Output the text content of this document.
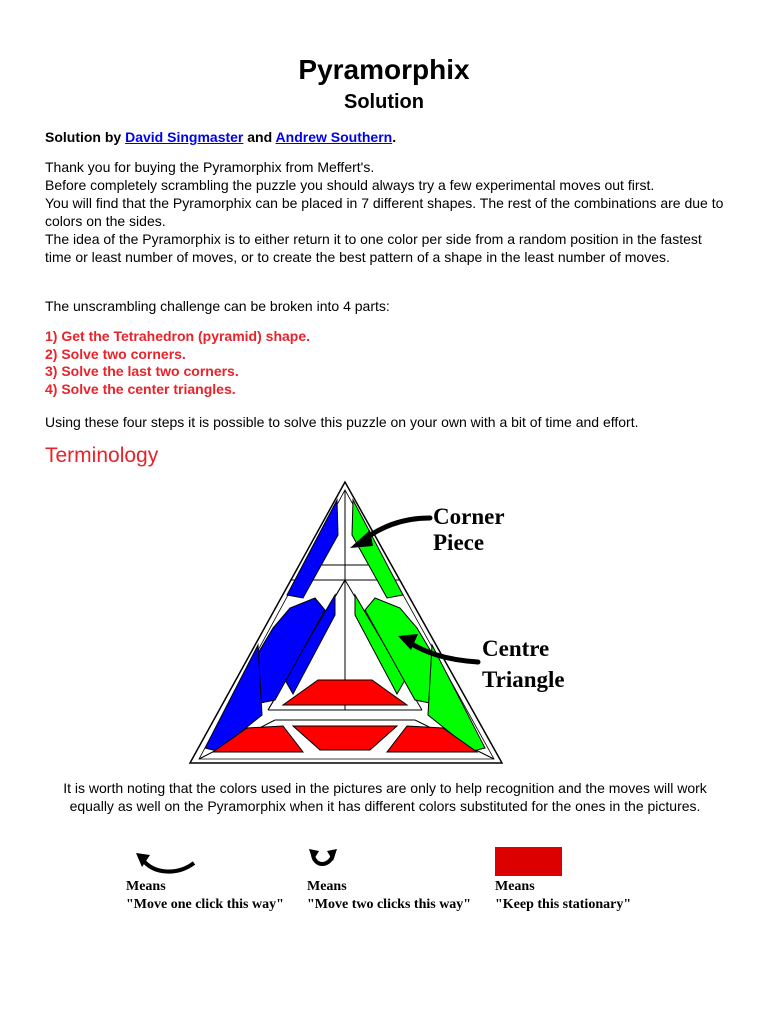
Pyramorphix
Solution
Solution by David Singmaster and Andrew Southern.
Thank you for buying the Pyramorphix from Meffert's.
Before completely scrambling the puzzle you should always try a few experimental moves out first.
You will find that the Pyramorphix can be placed in 7 different shapes. The rest of the combinations are due to colors on the sides.
The idea of the Pyramorphix is to either return it to one color per side from a random position in the fastest time or least number of moves, or to create the best pattern of a shape in the least number of moves.
The unscrambling challenge can be broken into 4 parts:
1) Get the Tetrahedron (pyramid) shape.
2) Solve two corners.
3) Solve the last two corners.
4) Solve the center triangles.
Using these four steps it is possible to solve this puzzle on your own with a bit of time and effort.
Terminology
Corner
Piece
Centre
Triangle
It is worth noting that the colors used in the pictures are only to help recognition and the moves will work equally as well on the Pyramorphix when it has different colors substituted for the ones in the pictures.
Means
"Move one click this way"
Means
"Move two clicks this way"
Means
"Keep this stationary"
